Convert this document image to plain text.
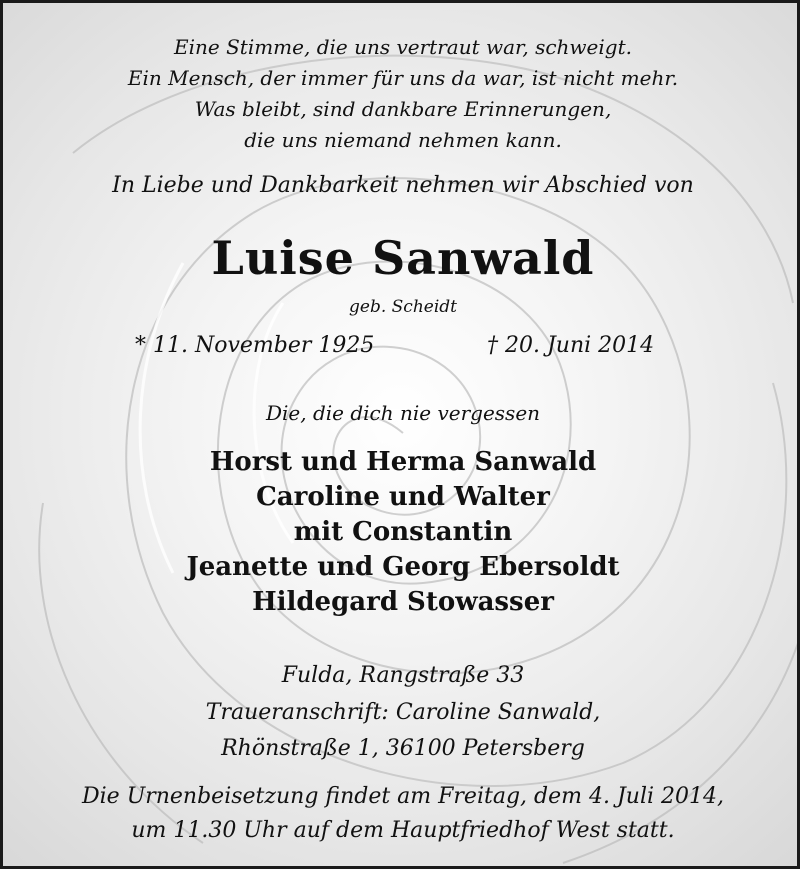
Eine Stimme, die uns vertraut war, schweigt.
Ein Mensch, der immer für uns da war, ist nicht mehr.
Was bleibt, sind dankbare Erinnerungen,
die uns niemand nehmen kann.
In Liebe und Dankbarkeit nehmen wir Abschied von
Luise Sanwald
geb. Scheidt
* 11. November 1925	† 20. Juni 2014
Die, die dich nie vergessen
Horst und Herma Sanwald
Caroline und Walter
mit Constantin
Jeanette und Georg Ebersoldt
Hildegard Stowasser
Fulda, Rangstraße 33
Traueranschrift: Caroline Sanwald,
Rhönstraße 1, 36100 Petersberg
Die Urnenbeisetzung findet am Freitag, dem 4. Juli 2014,
um 11.30 Uhr auf dem Hauptfriedhof West statt.
